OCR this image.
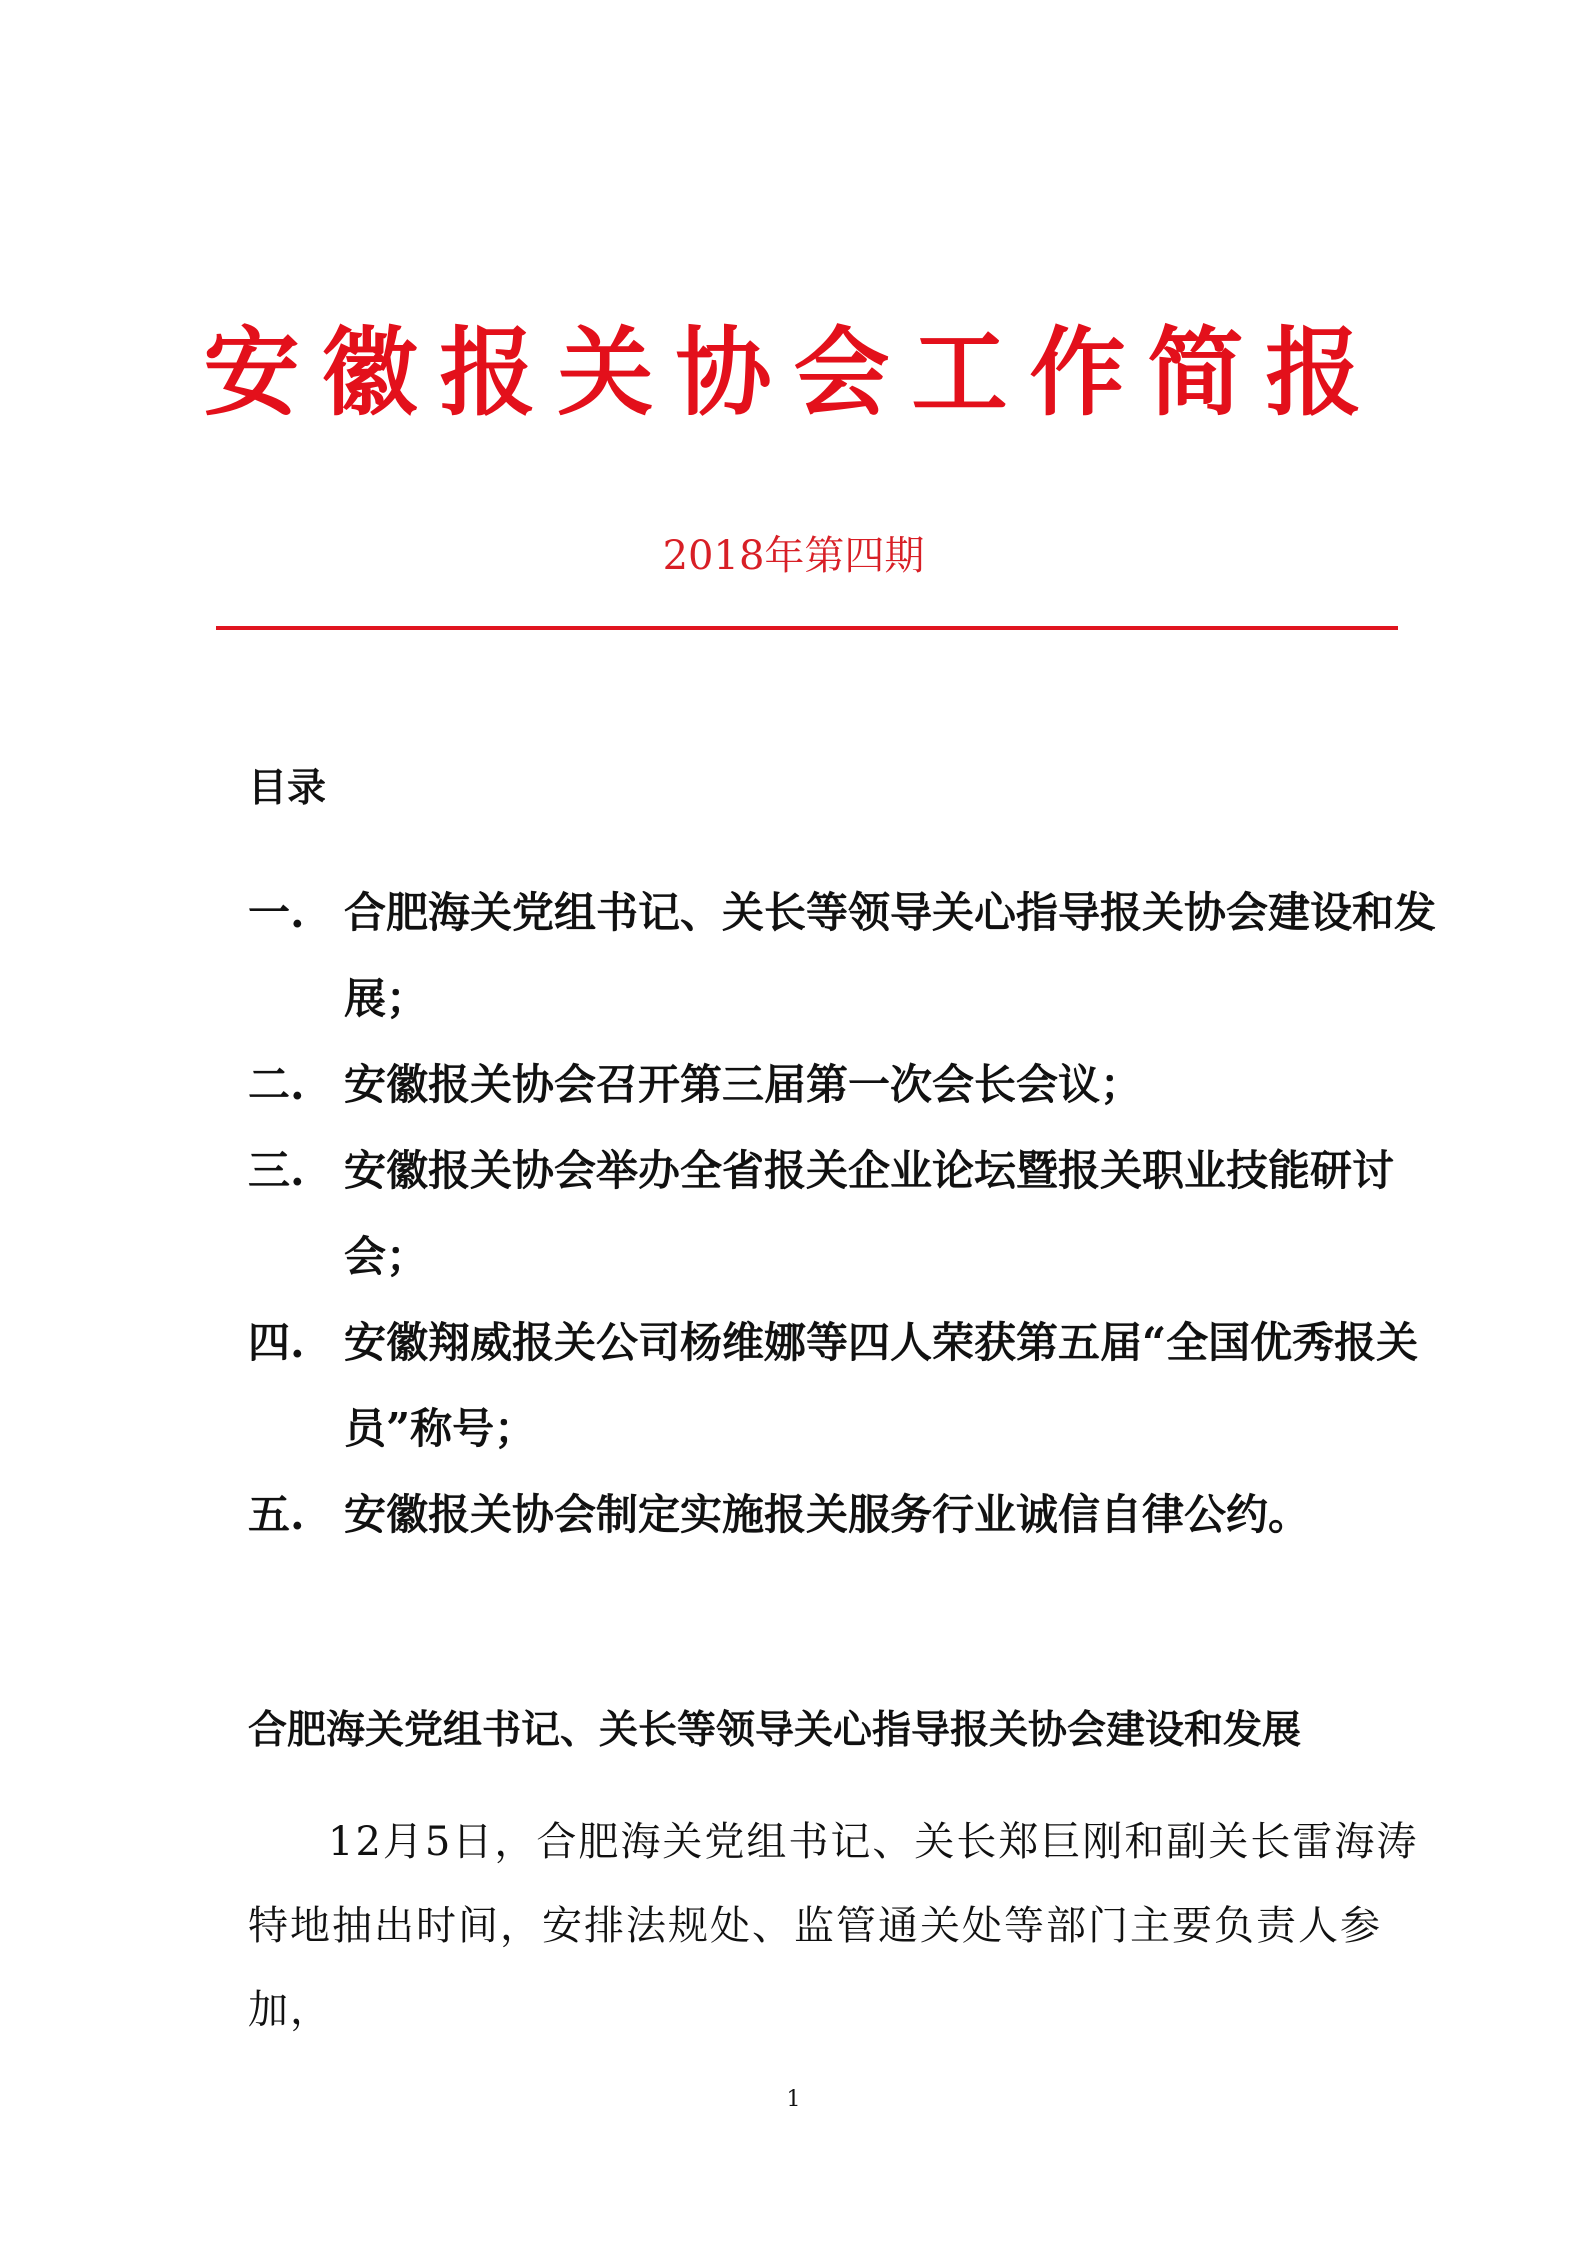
安徽报关协会工作简报
2018年第四期
目录
一. 合肥海关党组书记、关长等领导关心指导报关协会建设和发展；
二. 安徽报关协会召开第三届第一次会长会议；
三. 安徽报关协会举办全省报关企业论坛暨报关职业技能研讨会；
四. 安徽翔威报关公司杨维娜等四人荣获第五届“全国优秀报关员”称号；
五. 安徽报关协会制定实施报关服务行业诚信自律公约。
合肥海关党组书记、关长等领导关心指导报关协会建设和发展

12月5日，合肥海关党组书记、关长郑巨刚和副关长雷海涛特地抽出时间，安排法规处、监管通关处等部门主要负责人参加，

1
